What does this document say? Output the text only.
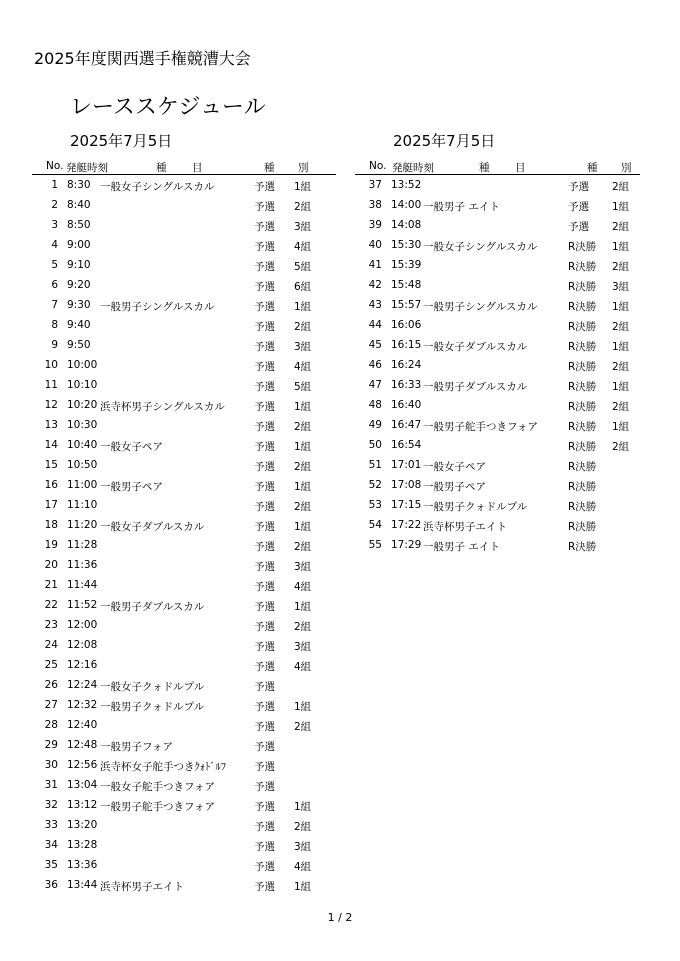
2025年度関西選手権競漕大会
レーススケジュール
2025年7月5日	2025年7月5日
No. 発艇時刻	種 目	種 別
1 8:30 一般女子シングルスカル	予選 1組
2 8:40	予選 2組
3 8:50	予選 3組
4 9:00	予選 4組
5 9:10	予選 5組
6 9:20	予選 6組
7 9:30 一般男子シングルスカル	予選 1組
8 9:40	予選 2組
9 9:50	予選 3組
10 10:00	予選 4組
11 10:10	予選 5組
12 10:20 浜寺杯男子シングルスカル	予選 1組
13 10:30	予選 2組
14 10:40 一般女子ペア	予選 1組
15 10:50	予選 2組
16 11:00 一般男子ペア	予選 1組
17 11:10	予選 2組
18 11:20 一般女子ダブルスカル	予選 1組
19 11:28	予選 2組
20 11:36	予選 3組
21 11:44	予選 4組
22 11:52 一般男子ダブルスカル	予選 1組
23 12:00	予選 2組
24 12:08	予選 3組
25 12:16	予選 4組
26 12:24 一般女子クォドルプル	予選
27 12:32 一般男子クォドルプル	予選 1組
28 12:40	予選 2組
29 12:48 一般男子フォア	予選
30 12:56 浜寺杯女子舵手つきｸｫﾄﾞﾙﾌ	予選
31 13:04 一般女子舵手つきフォア	予選
32 13:12 一般男子舵手つきフォア	予選 1組
33 13:20	予選 2組
34 13:28	予選 3組
35 13:36	予選 4組
36 13:44 浜寺杯男子エイト	予選 1組
No. 発艇時刻	種 目	種 別
37 13:52	予選 2組
38 14:00 一般男子 エイト	予選 1組
39 14:08	予選 2組
40 15:30 一般女子シングルスカル	R決勝 1組
41 15:39	R決勝 2組
42 15:48	R決勝 3組
43 15:57 一般男子シングルスカル	R決勝 1組
44 16:06	R決勝 2組
45 16:15 一般女子ダブルスカル	R決勝 1組
46 16:24	R決勝 2組
47 16:33 一般男子ダブルスカル	R決勝 1組
48 16:40	R決勝 2組
49 16:47 一般男子舵手つきフォア	R決勝 1組
50 16:54	R決勝 2組
51 17:01 一般女子ペア	R決勝
52 17:08 一般男子ペア	R決勝
53 17:15 一般男子クォドルプル	R決勝
54 17:22 浜寺杯男子エイト	R決勝
55 17:29 一般男子 エイト	R決勝
1 / 2
